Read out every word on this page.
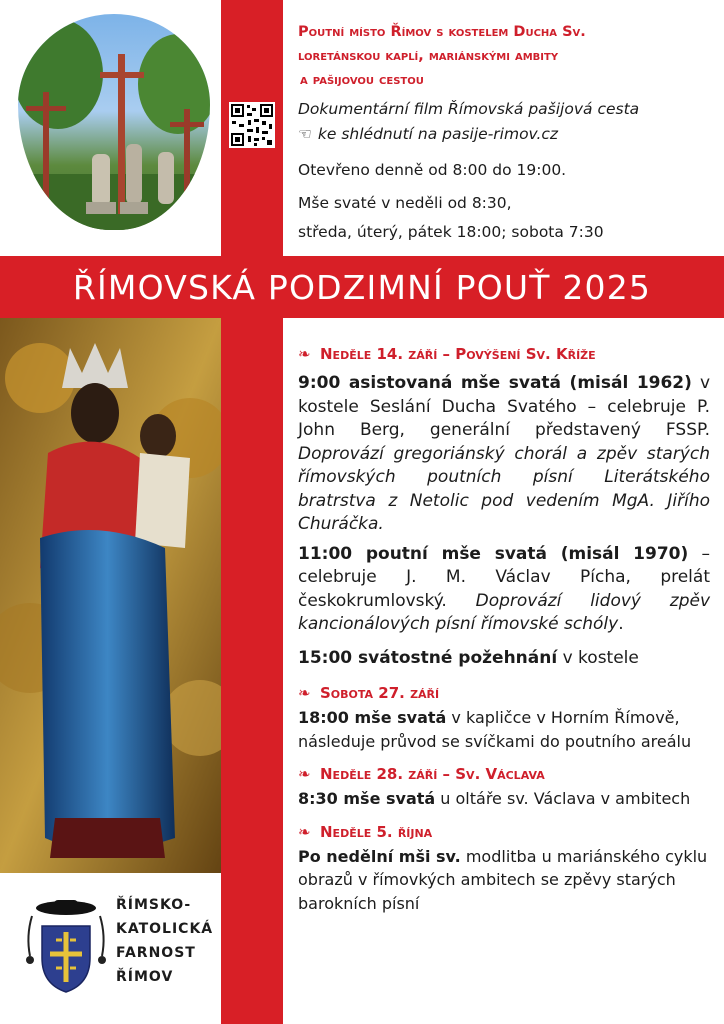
ŘÍMOVSKÁ PODZIMNÍ POUŤ 2025
Poutní místo Římov s kostelem Ducha Sv.
loretánskou kaplí, mariánskými ambity
a pašijovou cestou
Dokumentární film Římovská pašijová cesta
☜ ke shlédnutí na pasije-rimov.cz
Otevřeno denně od 8:00 do 19:00.
Mše svaté v neděli od 8:30,
středa, úterý, pátek 18:00; sobota 7:30
❧ Neděle 14. září – Povýšení Sv. Kříže
9:00 asistovaná mše svatá (misál 1962) v kostele Seslání Ducha Svatého – celebruje P. John Berg, generální představený FSSP. Doprovází gregoriánský chorál a zpěv starých římovských poutních písní Literátského bratrstva z Netolic pod vedením MgA. Jiřího Churáčka.
11:00 poutní mše svatá (misál 1970) – celebruje J. M. Václav Pícha, prelát českokrumlovský. Doprovází lidový zpěv kancionálových písní římovské schóly.
15:00 svátostné požehnání v kostele
❧ Sobota 27. září
18:00 mše svatá v kapličce v Horním Římově, následuje průvod se svíčkami do poutního areálu
❧ Neděle 28. září – Sv. Václava
8:30 mše svatá u oltáře sv. Václava v ambitech
❧ Neděle 5. října
Po nedělní mši sv. modlitba u mariánského cyklu obrazů v římovkých ambitech se zpěvy starých barokních písní
ŘÍMSKO-
KATOLICKÁ
FARNOST
ŘÍMOV
